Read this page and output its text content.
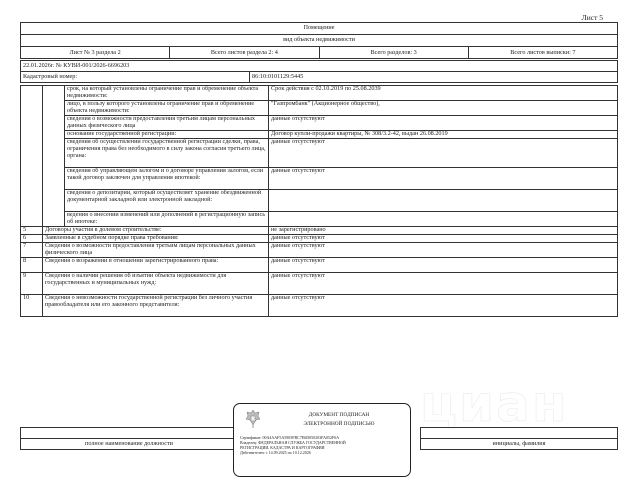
циан
Лист 5
Помещение
вид объекта недвижимости
Лист № 3 раздела 2	Всего листов раздела 2: 4	Всего разделов: 3	Всего листов выписки: 7
22.01.2026г. № КУВИ-001/2026-6696203
Кадастровый номер:	86:10:0101129:5445
		срок, на который установлены ограничение прав и обременение объекта недвижимости:	Срок действия с 02.10.2019 по 25.08.2039
		лицо, в пользу которого установлены ограничение прав и обременение объекта недвижимости:	"Газпромбанк" (Акционерное общество),
		сведения о возможности предоставления третьим лицам персональных данных физического лица	данные отсутствуют
		основание государственной регистрации:	Договор купли-продажи квартиры, № 308/3.2-42, выдан 26.08.2019
		сведения об осуществлении государственной регистрации сделки, права, ограничения права без необходимого в силу закона согласия третьего лица, органа:	данные отсутствуют
		сведения об управляющем залогом и о договоре управления залогом, если такой договор заключен для управления ипотекой:	данные отсутствуют
		сведения о депозитарии, который осуществляет хранение обездвиженной документарной закладной или электронной закладной:	
		ведения о внесении изменений или дополнений в регистрационную запись об ипотеке:	
5	Договоры участия в долевом строительстве:		не зарегистрировано
6	Заявленные в судебном порядке права требования:		данные отсутствуют
7	Сведения о возможности предоставления третьим лицам персональных данных физического лица		данные отсутствуют
8	Сведения о возражении в отношении зарегистрированного права:		данные отсутствуют
9	Сведения о наличии решения об изъятии объекта недвижимости для государственных и муниципальных нужд:		данные отсутствуют
10	Сведения о невозможности государственной регистрации без личного участия правообладателя или его законного представителя:		данные отсутствуют

полное наименование должности		инициалы, фамилия
ДОКУМЕНТ ПОДПИСАН
ЭЛЕКТРОННОЙ ПОДПИСЬЮ
Сертификат: 00A4AAF5A5905FBC7E6D050203FA052F6A
Владелец: ФЕДЕРАЛЬНАЯ СЛУЖБА ГОСУДАРСТВЕННОЙ
РЕГИСТРАЦИИ, КАДАСТРА И КАРТОГРАФИИ
Действителен: с 14.09.2025 по 10.12.2026
